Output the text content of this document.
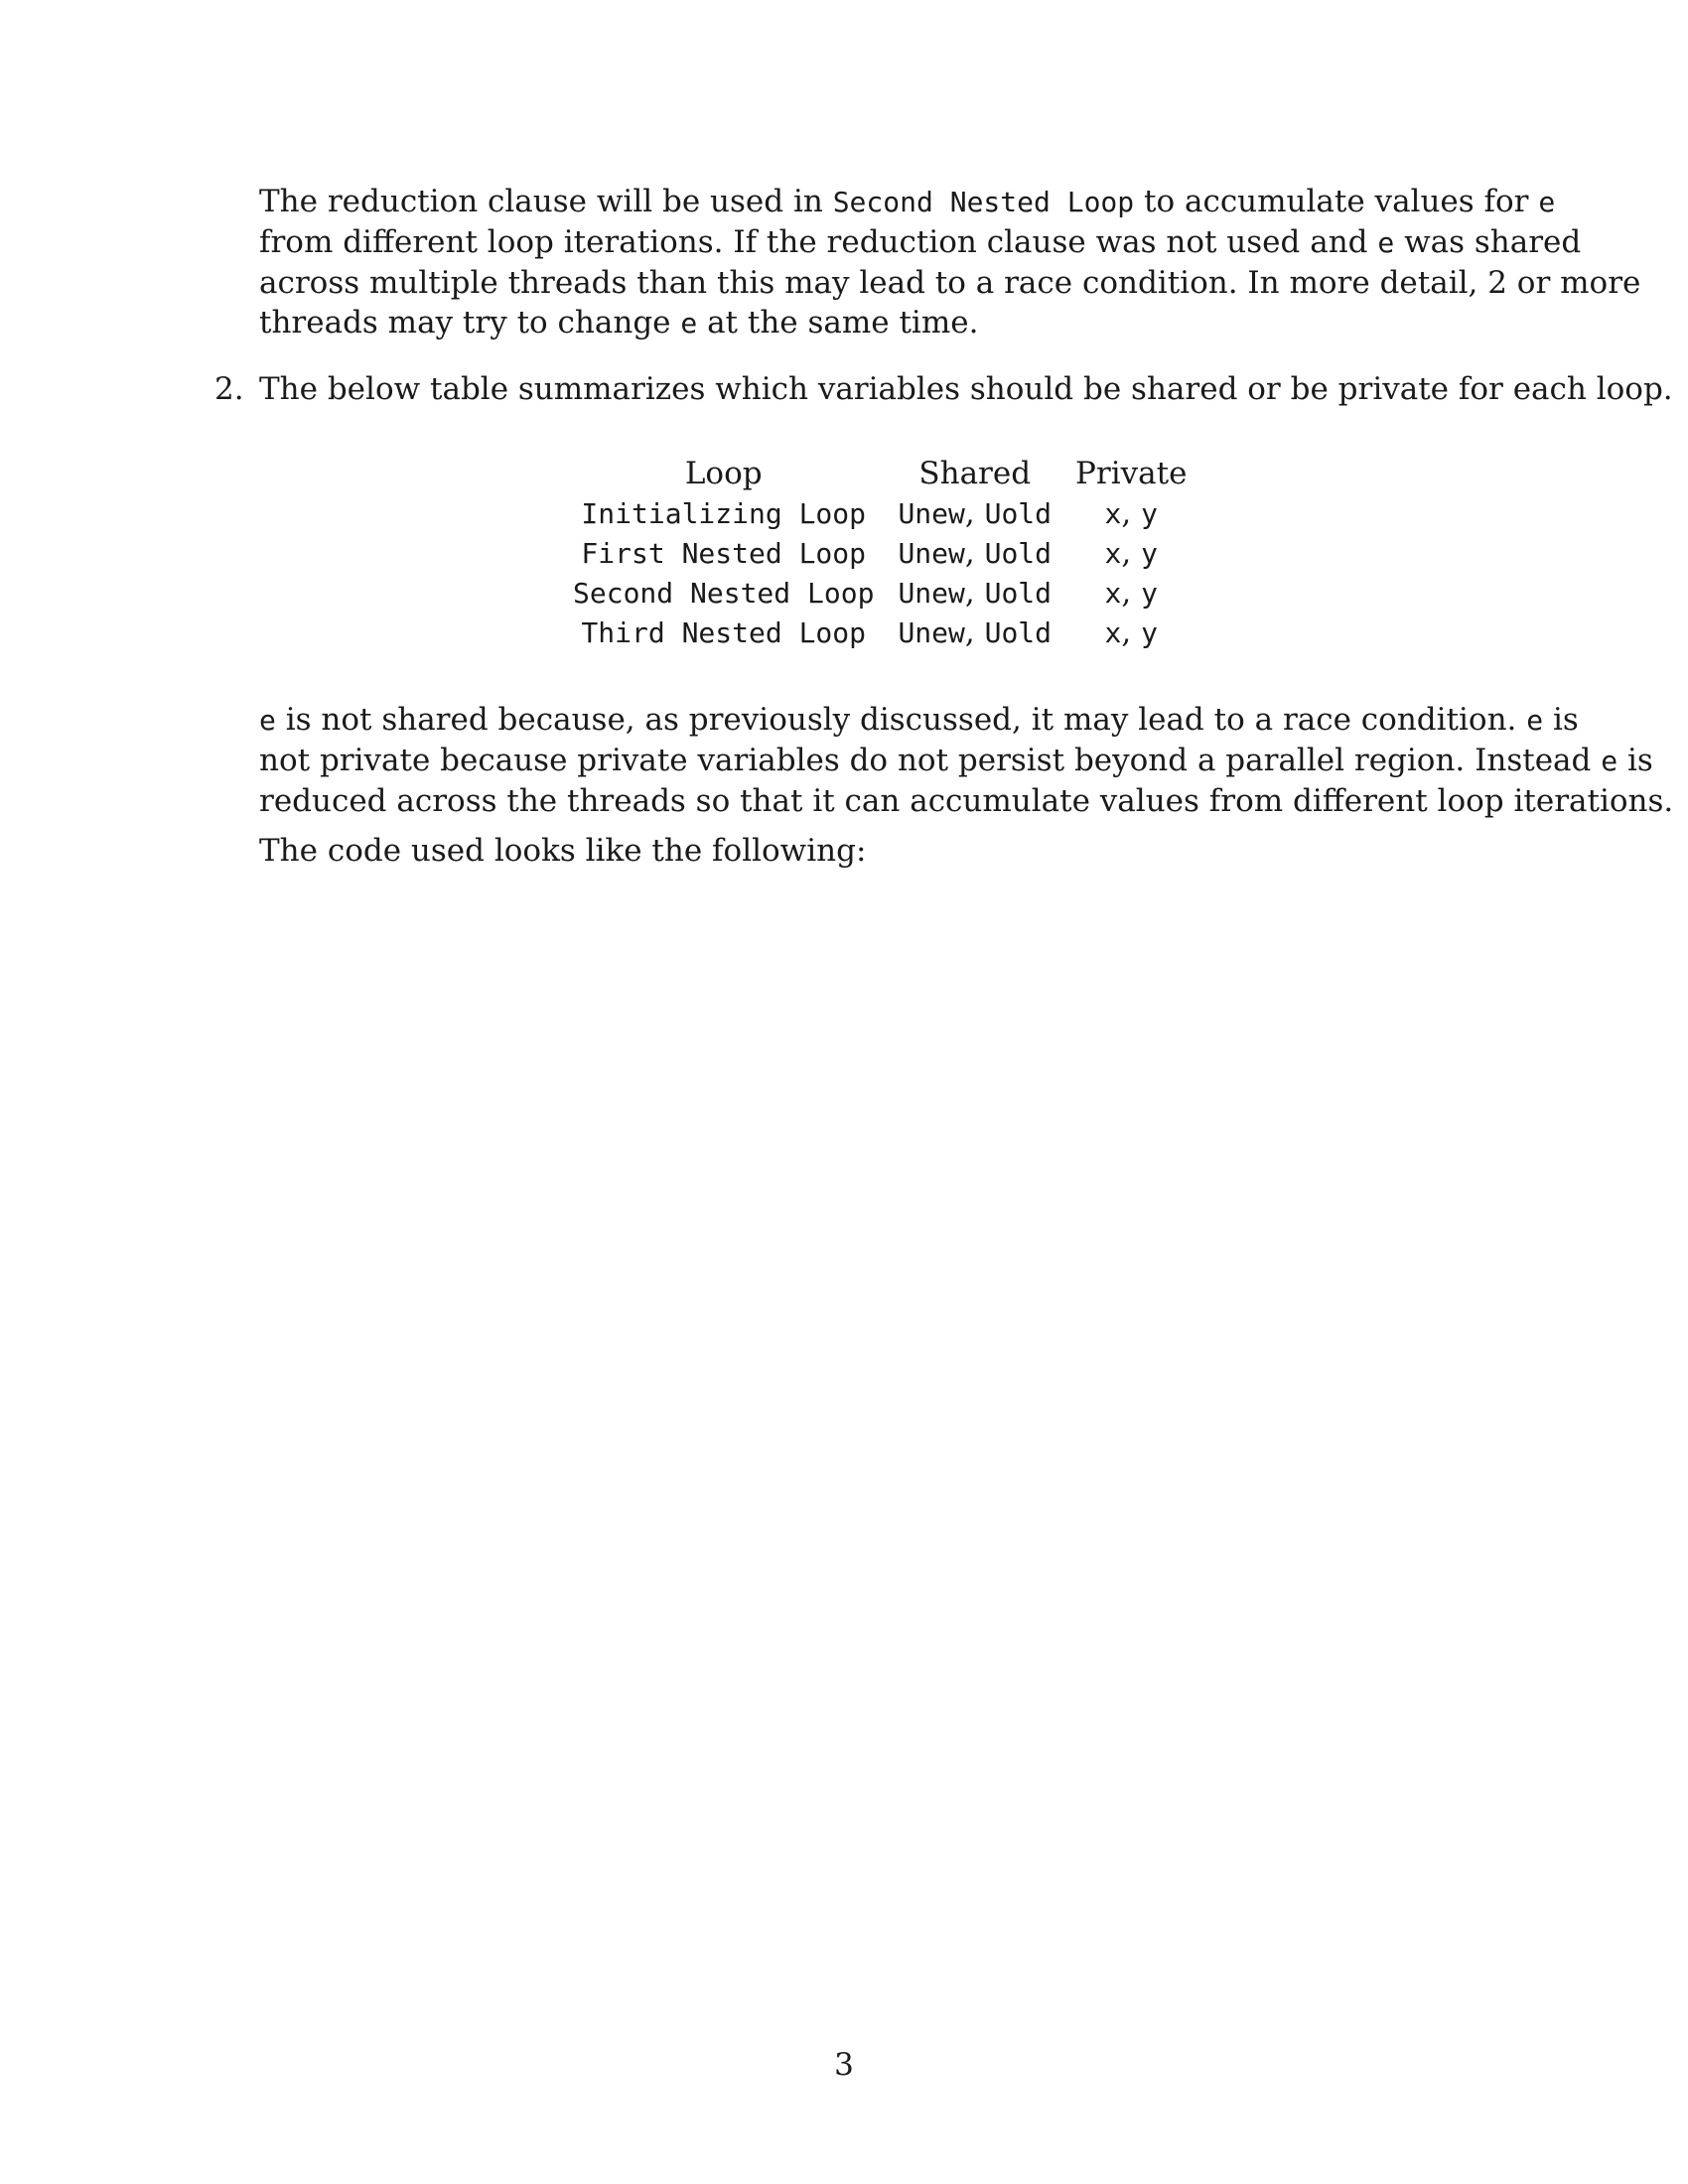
The reduction clause will be used in Second Nested Loop to accumulate values for e
from different loop iterations. If the reduction clause was not used and e was shared
across multiple threads than this may lead to a race condition. In more detail, 2 or more
threads may try to change e at the same time.
2. The below table summarizes which variables should be shared or be private for each loop.
Loop	Shared	Private
Initializing Loop	Unew, Uold	x, y
First Nested Loop	Unew, Uold	x, y
Second Nested Loop	Unew, Uold	x, y
Third Nested Loop	Unew, Uold	x, y
e is not shared because, as previously discussed, it may lead to a race condition. e is
not private because private variables do not persist beyond a parallel region. Instead e is
reduced across the threads so that it can accumulate values from different loop iterations.
The code used looks like the following:
3
